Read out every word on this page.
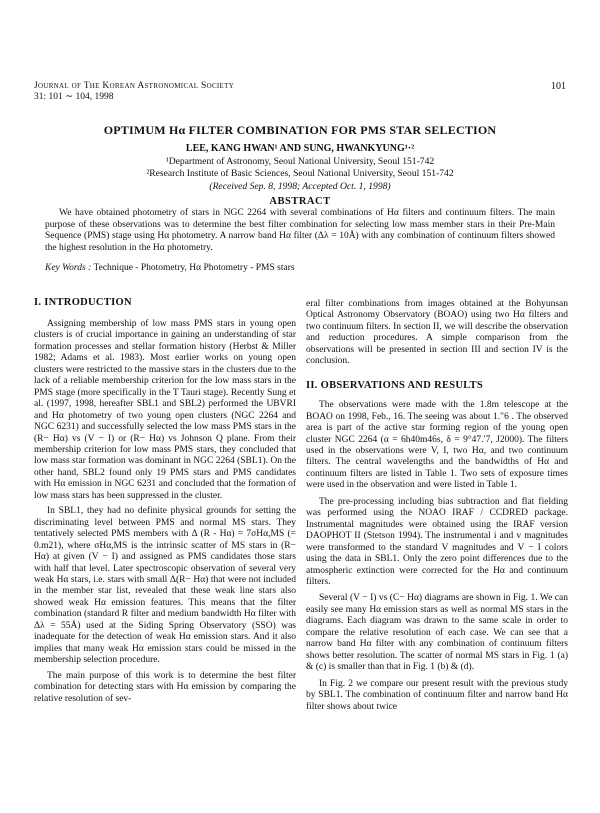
Journal of The Korean Astronomical Society
31: 101 ∼ 104, 1998
101
OPTIMUM Hα FILTER COMBINATION FOR PMS STAR SELECTION
LEE, KANG HWAN¹ AND SUNG, HWANKYUNG¹·²
¹Department of Astronomy, Seoul National University, Seoul 151-742
²Research Institute of Basic Sciences, Seoul National University, Seoul 151-742
(Received Sep. 8, 1998; Accepted Oct. 1, 1998)
ABSTRACT
We have obtained photometry of stars in NGC 2264 with several combinations of Hα filters and continuum filters. The main purpose of these observations was to determine the best filter combination for selecting low mass member stars in their Pre-Main Sequence (PMS) stage using Hα photometry. A narrow band Hα filter (Δλ = 10Å) with any combination of continuum filters showed the highest resolution in the Hα photometry.
Key Words : Technique - Photometry, Hα Photometry - PMS stars
I. INTRODUCTION

Assigning membership of low mass PMS stars in young open clusters is of crucial importance in gaining an understanding of star formation processes and stellar formation history (Herbst & Miller 1982; Adams et al. 1983). Most earlier works on young open clusters were restricted to the massive stars in the clusters due to the lack of a reliable membership criterion for the low mass stars in the PMS stage (more specifically in the T Tauri stage). Recently Sung et al. (1997, 1998, hereafter SBL1 and SBL2) performed the UBVRI and Hα photometry of two young open clusters (NGC 2264 and NGC 6231) and successfully selected the low mass PMS stars in the (R− Hα) vs (V − I) or (R− Hα) vs Johnson Q plane. From their membership criterion for low mass PMS stars, they concluded that low mass star formation was dominant in NGC 2264 (SBL1). On the other hand, SBL2 found only 19 PMS stars and PMS candidates with Hα emission in NGC 6231 and concluded that the formation of low mass stars has been suppressed in the cluster.

In SBL1, they had no definite physical grounds for setting the discriminating level between PMS and normal MS stars. They tentatively selected PMS members with Δ (R - Hα) = 7σHα,MS (= 0.m21), where σHα,MS is the intrinsic scatter of MS stars in (R− Hα) at given (V − I) and assigned as PMS candidates those stars with half that level. Later spectroscopic observation of several very weak Hα stars, i.e. stars with small Δ(R− Hα) that were not included in the member star list, revealed that these weak line stars also showed weak Hα emission features. This means that the filter combination (standard R filter and medium bandwidth Hα filter with Δλ = 55Å) used at the Siding Spring Observatory (SSO) was inadequate for the detection of weak Hα emission stars. And it also implies that many weak Hα emission stars could be missed in the membership selection procedure.

The main purpose of this work is to determine the best filter combination for detecting stars with Hα emission by comparing the relative resolution of sev-

eral filter combinations from images obtained at the Bohyunsan Optical Astronomy Observatory (BOAO) using two Hα filters and two continuum filters. In section II, we will describe the observation and reduction procedures. A simple comparison from the observations will be presented in section III and section IV is the conclusion.

II. OBSERVATIONS AND RESULTS

The observations were made with the 1.8m telescope at the BOAO on 1998, Feb., 16. The seeing was about 1.″6 . The observed area is part of the active star forming region of the young open cluster NGC 2264 (α = 6h40m46s, δ = 9°47.′7, J2000). The filters used in the observations were V, I, two Hα, and two continuum filters. The central wavelengths and the bandwidths of Hα and continuum filters are listed in Table 1. Two sets of exposure times were used in the observation and were listed in Table 1.

The pre-processing including bias subtraction and flat fielding was performed using the NOAO IRAF / CCDRED package. Instrumental magnitudes were obtained using the IRAF version DAOPHOT II (Stetson 1994). The instrumental i and v magnitudes were transformed to the standard V magnitudes and V − I colors using the data in SBL1. Only the zero point differences due to the atmospheric extinction were corrected for the Hα and continuum filters.

Several (V − I) vs (C− Hα) diagrams are shown in Fig. 1. We can easily see many Hα emission stars as well as normal MS stars in the diagrams. Each diagram was drawn to the same scale in order to compare the relative resolution of each case. We can see that a narrow band Hα filter with any combination of continuum filters shows better resolution. The scatter of normal MS stars in Fig. 1 (a) & (c) is smaller than that in Fig. 1 (b) & (d).

In Fig. 2 we compare our present result with the previous study by SBL1. The combination of continuum filter and narrow band Hα filter shows about twice
